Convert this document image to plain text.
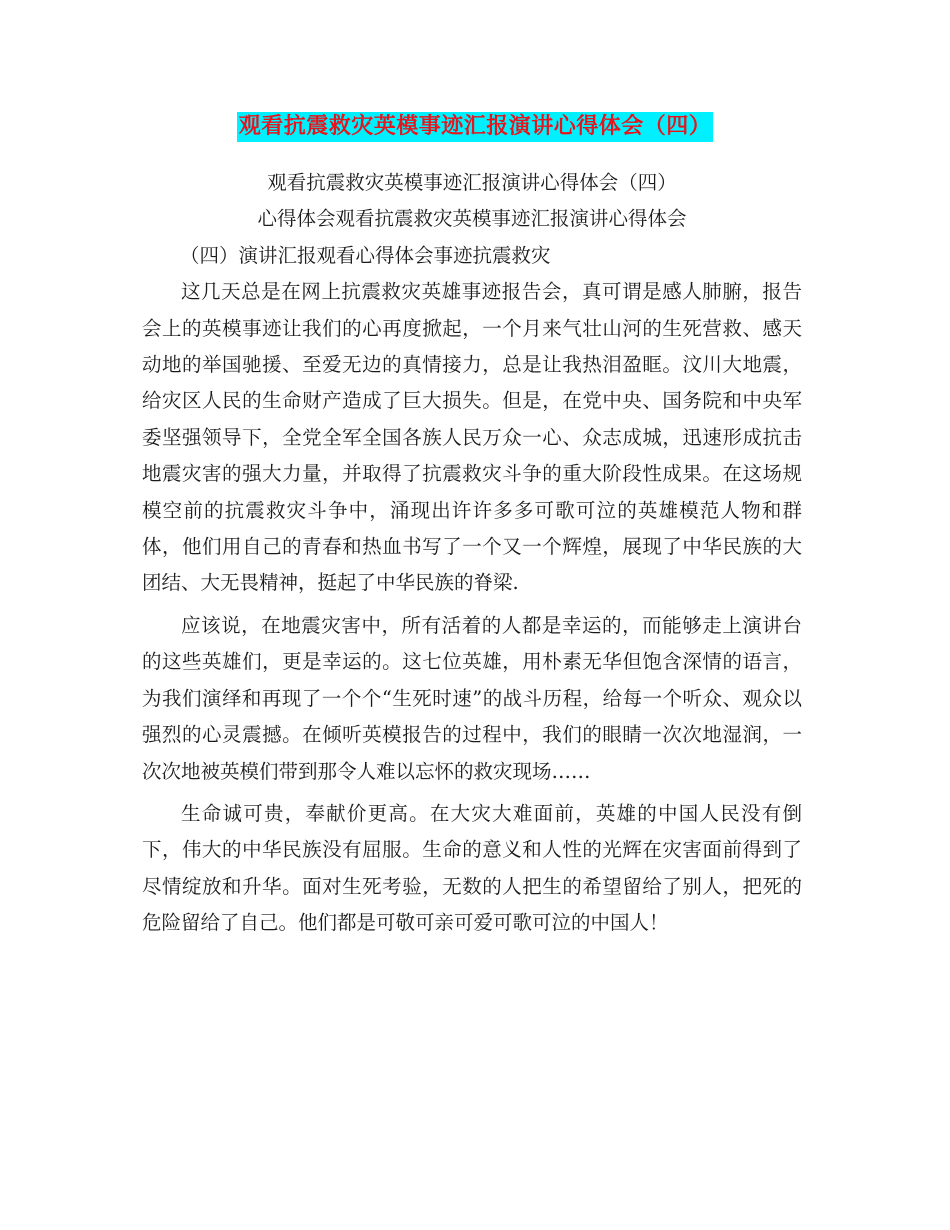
观看抗震救灾英模事迹汇报演讲心得体会（四）

观看抗震救灾英模事迹汇报演讲心得体会（四）

心得体会观看抗震救灾英模事迹汇报演讲心得体会

（四）演讲汇报观看心得体会事迹抗震救灾

这几天总是在网上抗震救灾英雄事迹报告会，真可谓是感人肺腑，报告会上的英模事迹让我们的心再度掀起，一个月来气壮山河的生死营救、感天动地的举国驰援、至爱无边的真情接力，总是让我热泪盈眶。汶川大地震，给灾区人民的生命财产造成了巨大损失。但是，在党中央、国务院和中央军委坚强领导下，全党全军全国各族人民万众一心、众志成城，迅速形成抗击地震灾害的强大力量，并取得了抗震救灾斗争的重大阶段性成果。在这场规模空前的抗震救灾斗争中，涌现出许许多多可歌可泣的英雄模范人物和群体，他们用自己的青春和热血书写了一个又一个辉煌，展现了中华民族的大团结、大无畏精神，挺起了中华民族的脊梁.

应该说，在地震灾害中，所有活着的人都是幸运的，而能够走上演讲台的这些英雄们，更是幸运的。这七位英雄，用朴素无华但饱含深情的语言，为我们演绎和再现了一个个“生死时速”的战斗历程，给每一个听众、观众以强烈的心灵震撼。在倾听英模报告的过程中，我们的眼睛一次次地湿润，一次次地被英模们带到那令人难以忘怀的救灾现场……

生命诚可贵，奉献价更高。在大灾大难面前，英雄的中国人民没有倒下，伟大的中华民族没有屈服。生命的意义和人性的光辉在灾害面前得到了尽情绽放和升华。面对生死考验，无数的人把生的希望留给了别人，把死的危险留给了自己。他们都是可敬可亲可爱可歌可泣的中国人！
